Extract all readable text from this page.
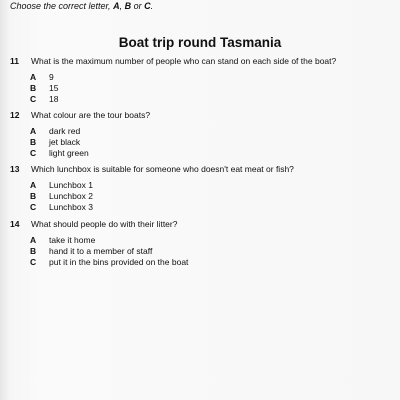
Choose the correct letter, A, B or C.
Boat trip round Tasmania
11 What is the maximum number of people who can stand on each side of the boat?
A 9
B 15
C 18
12 What colour are the tour boats?
A dark red
B jet black
C light green
13 Which lunchbox is suitable for someone who doesn't eat meat or fish?
A Lunchbox 1
B Lunchbox 2
C Lunchbox 3
14 What should people do with their litter?
A take it home
B hand it to a member of staff
C put it in the bins provided on the boat
